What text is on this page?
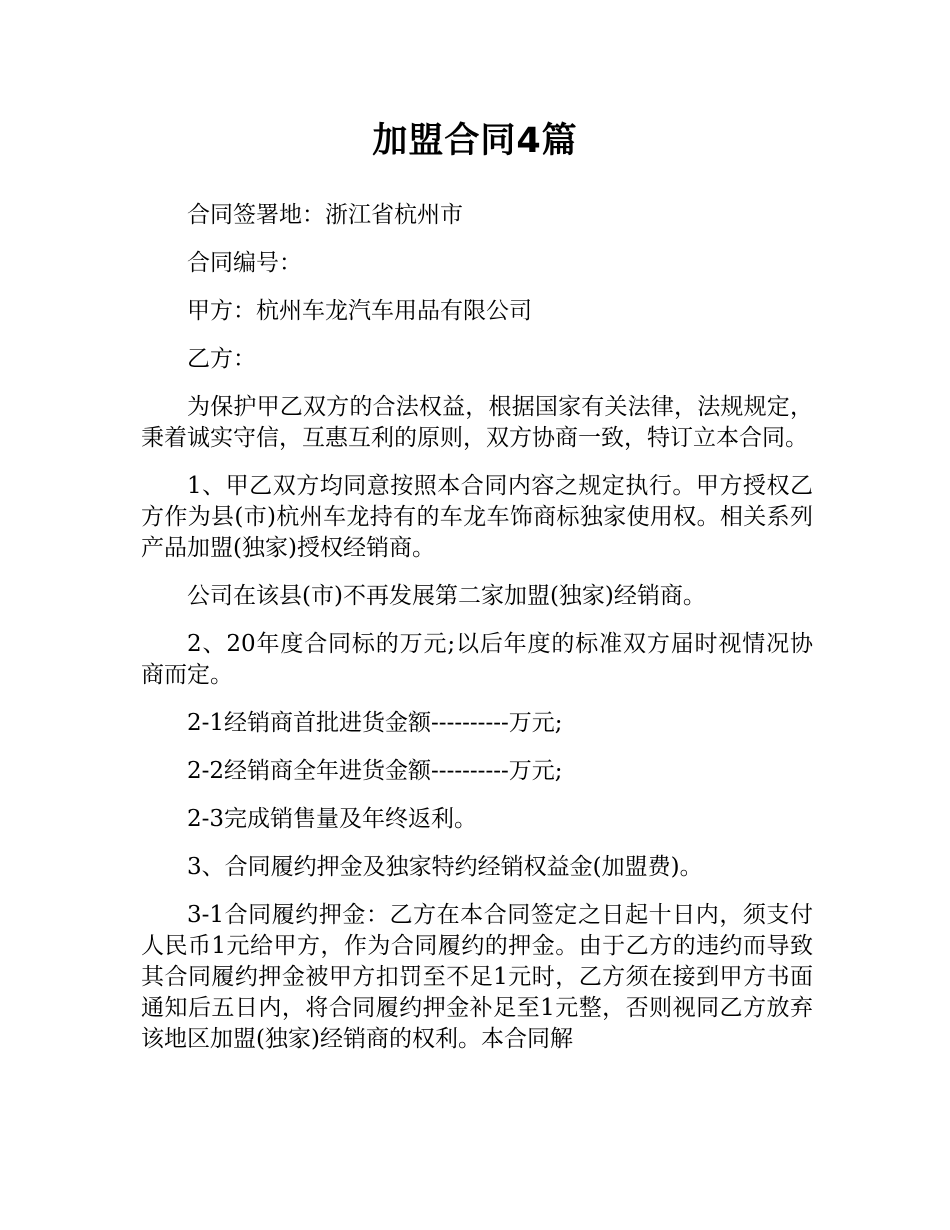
加盟合同4篇

合同签署地：浙江省杭州市

合同编号：

甲方：杭州车龙汽车用品有限公司

乙方：

为保护甲乙双方的合法权益，根据国家有关法律，法规规定，秉着诚实守信，互惠互利的原则，双方协商一致，特订立本合同。

1、甲乙双方均同意按照本合同内容之规定执行。甲方授权乙方作为县(市)杭州车龙持有的车龙车饰商标独家使用权。相关系列产品加盟(独家)授权经销商。

公司在该县(市)不再发展第二家加盟(独家)经销商。

2、20年度合同标的万元;以后年度的标准双方届时视情况协商而定。

2-1经销商首批进货金额----------万元;

2-2经销商全年进货金额----------万元;

2-3完成销售量及年终返利。

3、合同履约押金及独家特约经销权益金(加盟费)。

3-1合同履约押金：乙方在本合同签定之日起十日内，须支付人民币1元给甲方，作为合同履约的押金。由于乙方的违约而导致其合同履约押金被甲方扣罚至不足1元时，乙方须在接到甲方书面通知后五日内，将合同履约押金补足至1元整，否则视同乙方放弃该地区加盟(独家)经销商的权利。本合同解
